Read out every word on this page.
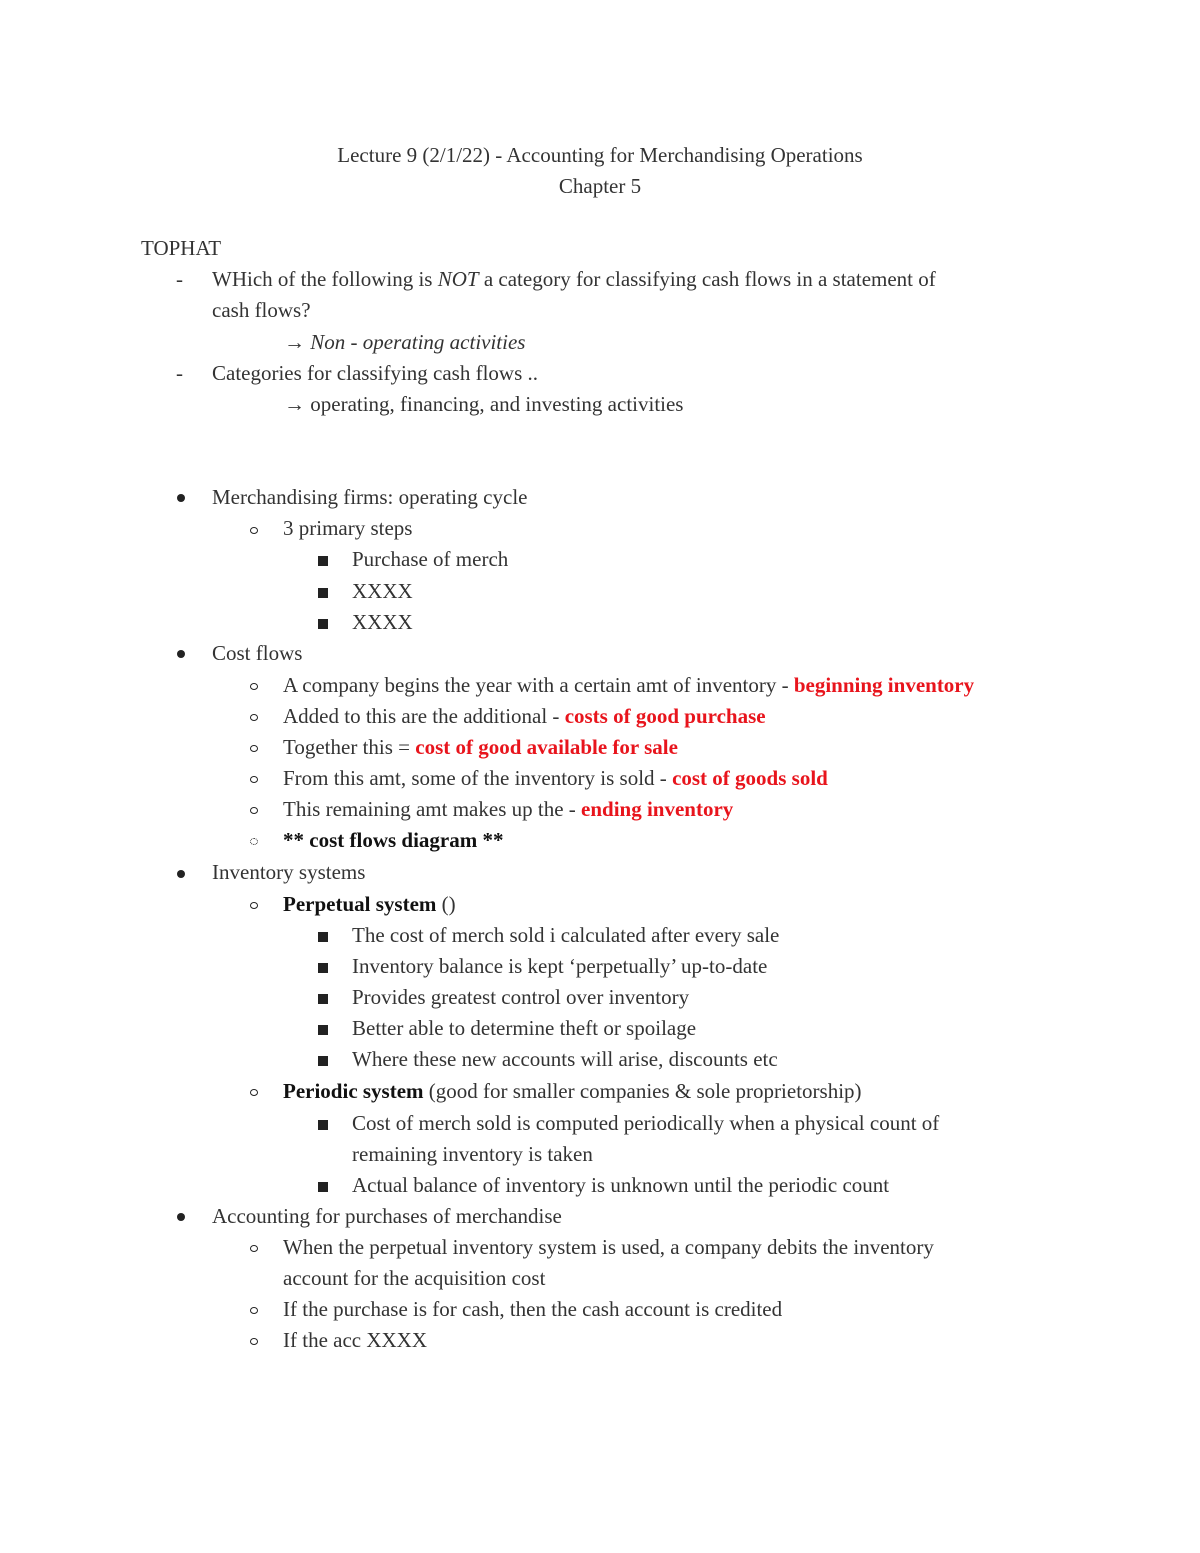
Lecture 9 (2/1/22) - Accounting for Merchandising Operations
Chapter 5
TOPHAT
- WHich of the following is NOT a category for classifying cash flows in a statement of
cash flows?
→ Non - operating activities
- Categories for classifying cash flows ..
→ operating, financing, and investing activities
Merchandising firms: operating cycle
3 primary steps
Purchase of merch
XXXX
XXXX
Cost flows
A company begins the year with a certain amt of inventory - beginning inventory
Added to this are the additional - costs of good purchase
Together this = cost of good available for sale
From this amt, some of the inventory is sold - cost of goods sold
This remaining amt makes up the - ending inventory
** cost flows diagram **
Inventory systems
Perpetual system ()
The cost of merch sold i calculated after every sale
Inventory balance is kept ‘perpetually’ up-to-date
Provides greatest control over inventory
Better able to determine theft or spoilage
Where these new accounts will arise, discounts etc
Periodic system (good for smaller companies & sole proprietorship)
Cost of merch sold is computed periodically when a physical count of
remaining inventory is taken
Actual balance of inventory is unknown until the periodic count
Accounting for purchases of merchandise
When the perpetual inventory system is used, a company debits the inventory
account for the acquisition cost
If the purchase is for cash, then the cash account is credited
If the acc XXXX
